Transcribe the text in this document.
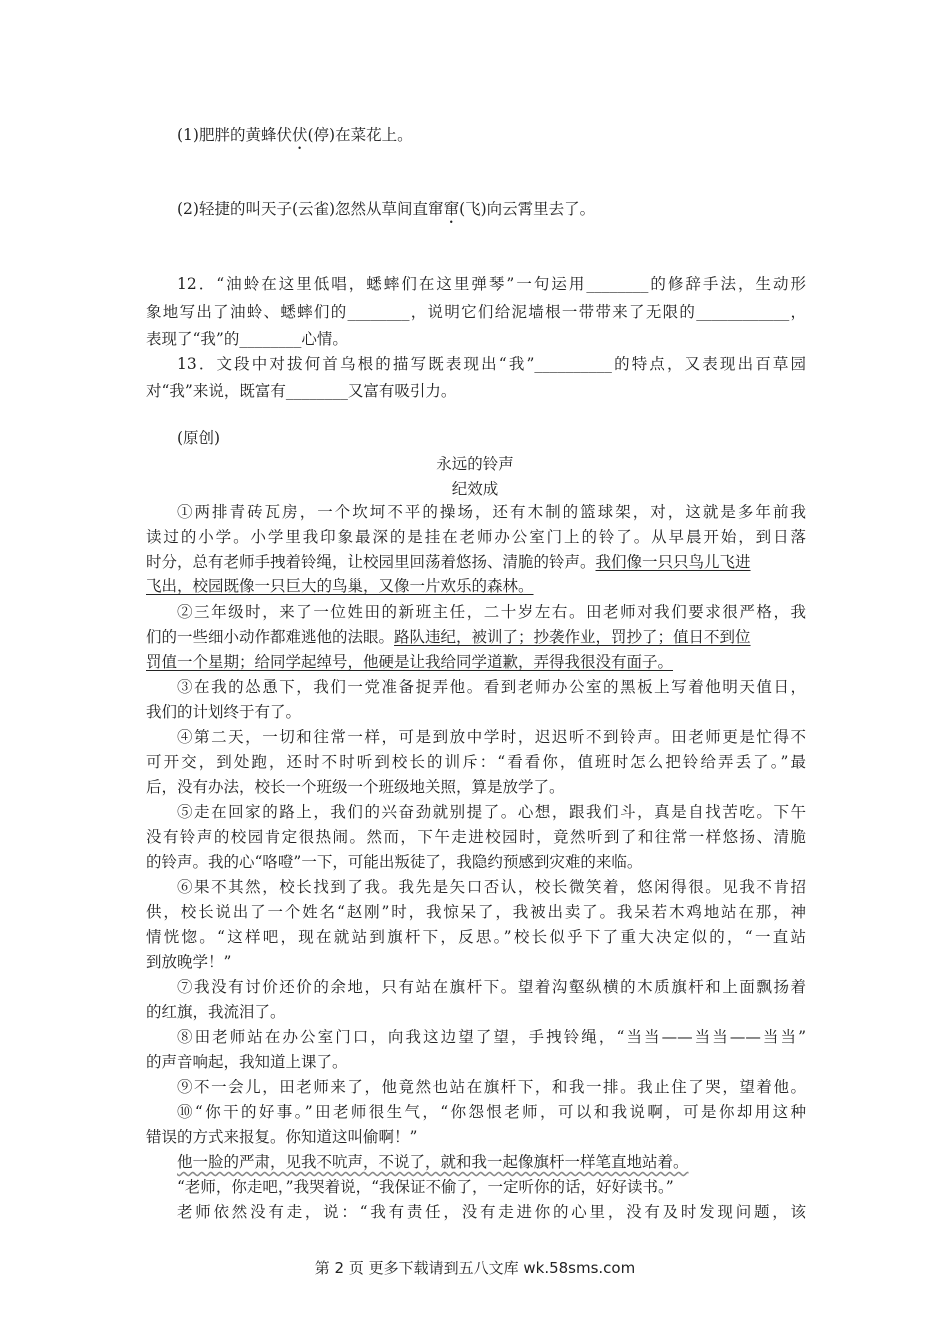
(1)肥胖的黄蜂伏伏(停)在菜花上。
(2)轻捷的叫天子(云雀)忽然从草间直窜窜(飞)向云霄里去了。
12．“油蛉在这里低唱，蟋蟀们在这里弹琴”一句运用________的修辞手法，生动形
象地写出了油蛉、蟋蟀们的________，说明它们给泥墙根一带带来了无限的____________，
表现了“我”的________心情。
13．文段中对拔何首乌根的描写既表现出“我”__________的特点，又表现出百草园
对“我”来说，既富有________又富有吸引力。
(原创)
永远的铃声
纪效成
①两排青砖瓦房，一个坎坷不平的操场，还有木制的篮球架，对，这就是多年前我
读过的小学。小学里我印象最深的是挂在老师办公室门上的铃了。从早晨开始，到日落
时分，总有老师手拽着铃绳，让校园里回荡着悠扬、清脆的铃声。我们像一只只鸟儿飞进
飞出，校园既像一只巨大的鸟巢，又像一片欢乐的森林。
②三年级时，来了一位姓田的新班主任，二十岁左右。田老师对我们要求很严格，我
们的一些细小动作都难逃他的法眼。路队违纪，被训了；抄袭作业，罚抄了；值日不到位
罚值一个星期；给同学起绰号，他硬是让我给同学道歉，弄得我很没有面子。
③在我的怂恿下，我们一党准备捉弄他。看到老师办公室的黑板上写着他明天值日，
我们的计划终于有了。
④第二天，一切和往常一样，可是到放中学时，迟迟听不到铃声。田老师更是忙得不
可开交，到处跑，还时不时听到校长的训斥：“看看你，值班时怎么把铃给弄丢了。”最
后，没有办法，校长一个班级一个班级地关照，算是放学了。
⑤走在回家的路上，我们的兴奋劲就别提了。心想，跟我们斗，真是自找苦吃。下午
没有铃声的校园肯定很热闹。然而，下午走进校园时，竟然听到了和往常一样悠扬、清脆
的铃声。我的心“咯噔”一下，可能出叛徒了，我隐约预感到灾难的来临。
⑥果不其然，校长找到了我。我先是矢口否认，校长微笑着，悠闲得很。见我不肯招
供，校长说出了一个姓名“赵刚”时，我惊呆了，我被出卖了。我呆若木鸡地站在那，神
情恍惚。“这样吧，现在就站到旗杆下，反思。”校长似乎下了重大决定似的，“一直站
到放晚学！”
⑦我没有讨价还价的余地，只有站在旗杆下。望着沟壑纵横的木质旗杆和上面飘扬着
的红旗，我流泪了。
⑧田老师站在办公室门口，向我这边望了望，手拽铃绳，“当当——当当——当当”
的声音响起，我知道上课了。
⑨不一会儿，田老师来了，他竟然也站在旗杆下，和我一排。我止住了哭，望着他。
⑩“你干的好事。”田老师很生气，“你怨恨老师，可以和我说啊，可是你却用这种
错误的方式来报复。你知道这叫偷啊！”
他一脸的严肃，见我不吭声，不说了，就和我一起像旗杆一样笔直地站着。
“老师，你走吧，”我哭着说，“我保证不偷了，一定听你的话，好好读书。”
老师依然没有走，说：“我有责任，没有走进你的心里，没有及时发现问题，该
第 2 页 更多下载请到五八文库 wk.58sms.com
